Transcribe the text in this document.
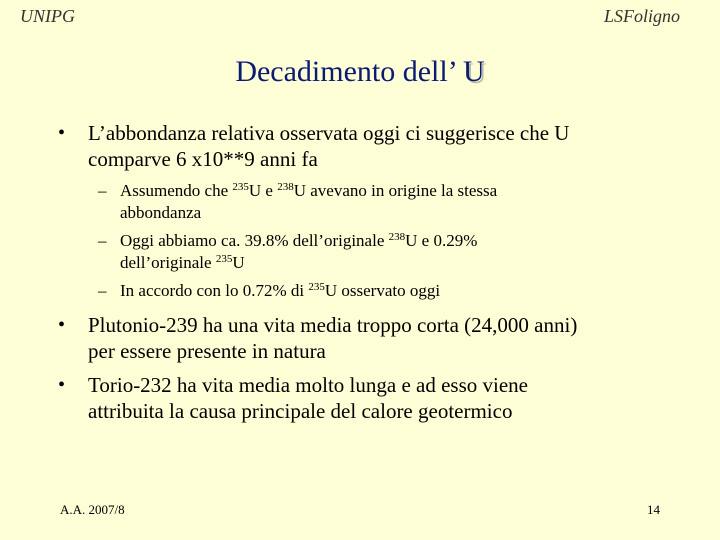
UNIPG	LSFoligno
Decadimento dell’ U
• L’abbondanza relativa osservata oggi ci suggerisce che U
comparve 6 x10**9 anni fa
– Assumendo che $^{235}$U e $^{238}$U avevano in origine la stessa
abbondanza
– Oggi abbiamo ca. 39.8% dell’originale $^{238}$U e 0.29%
dell’originale $^{235}$U
– In accordo con lo 0.72% di $^{235}$U osservato oggi
• Plutonio-239 ha una vita media troppo corta (24,000 anni)
per essere presente in natura
• Torio-232 ha vita media molto lunga e ad esso viene
attribuita la causa principale del calore geotermico
A.A. 2007/8	14
